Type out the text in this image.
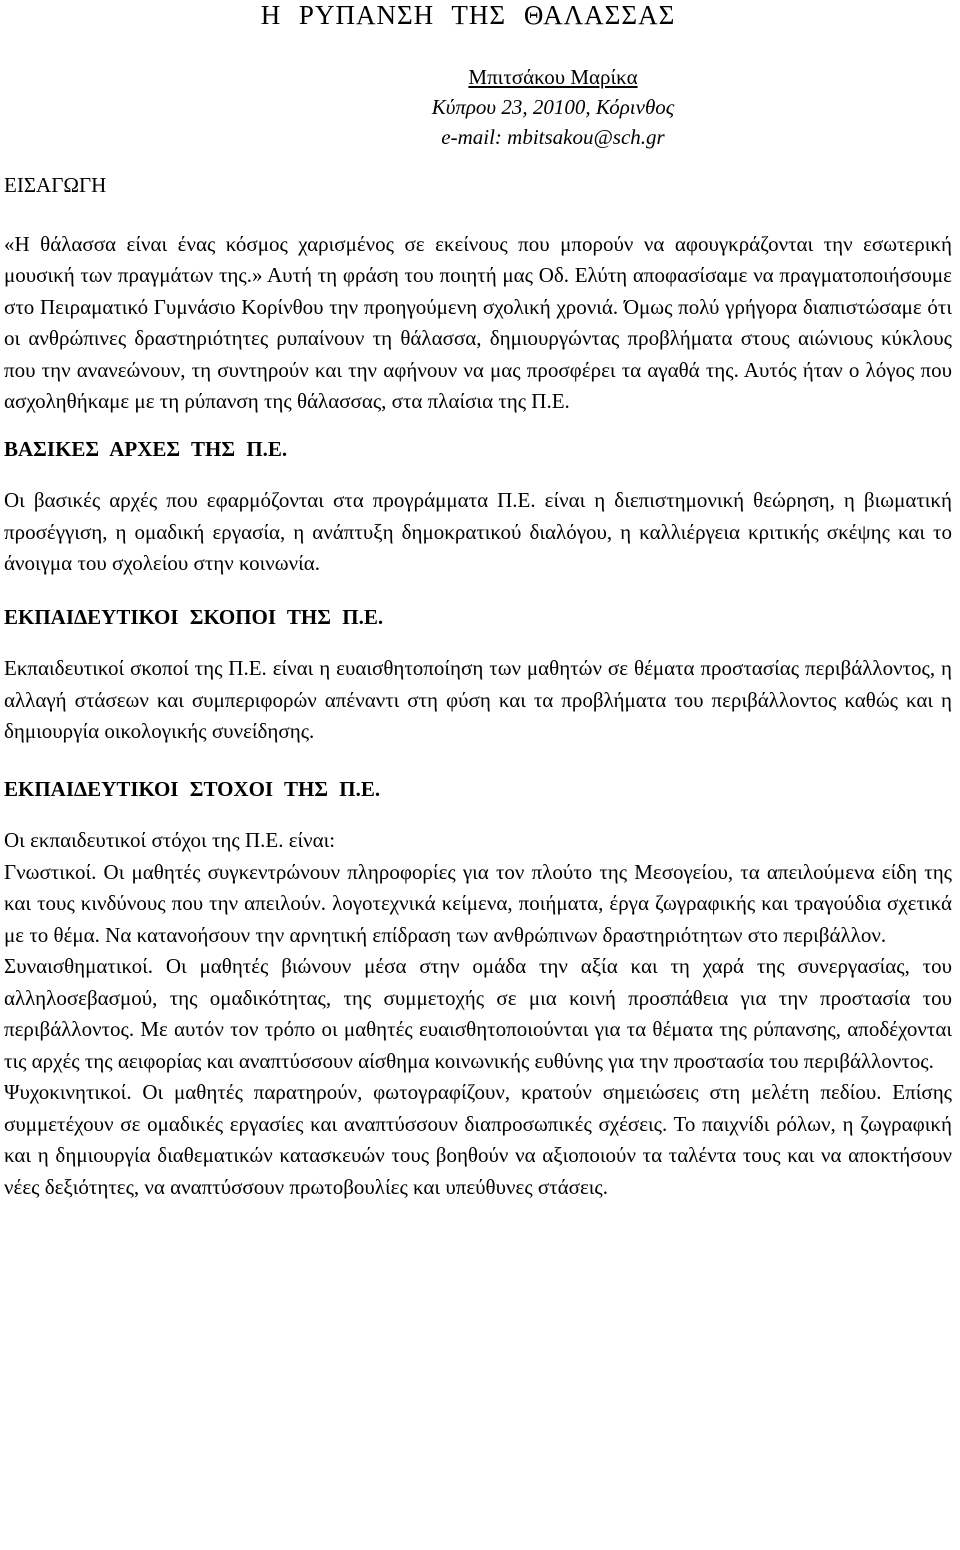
Η ΡΥΠΑΝΣΗ ΤΗΣ ΘΑΛΑΣΣΑΣ
Μπιτσάκου Μαρίκα
Κύπρου 23, 20100, Κόρινθος
e-mail: mbitsakou@sch.gr
ΕΙΣΑΓΩΓΗ

«Η θάλασσα είναι ένας κόσμος χαρισμένος σε εκείνους που μπορούν να αφουγκράζονται την εσωτερική μουσική των πραγμάτων της.» Αυτή τη φράση του ποιητή μας Οδ. Ελύτη αποφασίσαμε να πραγματοποιήσουμε στο Πειραματικό Γυμνάσιο Κορίνθου την προηγούμενη σχολική χρονιά. Όμως πολύ γρήγορα διαπιστώσαμε ότι οι ανθρώπινες δραστηριότητες ρυπαίνουν τη θάλασσα, δημιουργώντας προβλήματα στους αιώνιους κύκλους που την ανανεώνουν, τη συντηρούν και την αφήνουν να μας προσφέρει τα αγαθά της. Αυτός ήταν ο λόγος που ασχοληθήκαμε με τη ρύπανση της θάλασσας, στα πλαίσια της Π.Ε.

ΒΑΣΙΚΕΣ ΑΡΧΕΣ ΤΗΣ Π.Ε.

Οι βασικές αρχές που εφαρμόζονται στα προγράμματα Π.Ε. είναι η διεπιστημονική θεώρηση, η βιωματική προσέγγιση, η ομαδική εργασία, η ανάπτυξη δημοκρατικού διαλόγου, η καλλιέργεια κριτικής σκέψης και το άνοιγμα του σχολείου στην κοινωνία.

ΕΚΠΑΙΔΕΥΤΙΚΟΙ ΣΚΟΠΟΙ ΤΗΣ Π.Ε.

Εκπαιδευτικοί σκοποί της Π.Ε. είναι η ευαισθητοποίηση των μαθητών σε θέματα προστασίας περιβάλλοντος, η αλλαγή στάσεων και συμπεριφορών απέναντι στη φύση και τα προβλήματα του περιβάλλοντος καθώς και η δημιουργία οικολογικής συνείδησης.

ΕΚΠΑΙΔΕΥΤΙΚΟΙ ΣΤΟΧΟΙ ΤΗΣ Π.Ε.

Οι εκπαιδευτικοί στόχοι της Π.Ε. είναι:

Γνωστικοί. Οι μαθητές συγκεντρώνουν πληροφορίες για τον πλούτο της Μεσογείου, τα απειλούμενα είδη της και τους κινδύνους που την απειλούν. λογοτεχνικά κείμενα, ποιήματα, έργα ζωγραφικής και τραγούδια σχετικά με το θέμα. Να κατανοήσουν την αρνητική επίδραση των ανθρώπινων δραστηριότητων στο περιβάλλον.

Συναισθηματικοί. Οι μαθητές βιώνουν μέσα στην ομάδα την αξία και τη χαρά της συνεργασίας, του αλληλοσεβασμού, της ομαδικότητας, της συμμετοχής σε μια κοινή προσπάθεια για την προστασία του περιβάλλοντος. Με αυτόν τον τρόπο οι μαθητές ευαισθητοποιούνται για τα θέματα της ρύπανσης, αποδέχονται τις αρχές της αειφορίας και αναπτύσσουν αίσθημα κοινωνικής ευθύνης για την προστασία του περιβάλλοντος.

Ψυχοκινητικοί. Οι μαθητές παρατηρούν, φωτογραφίζουν, κρατούν σημειώσεις στη μελέτη πεδίου. Επίσης συμμετέχουν σε ομαδικές εργασίες και αναπτύσσουν διαπροσωπικές σχέσεις. Το παιχνίδι ρόλων, η ζωγραφική και η δημιουργία διαθεματικών κατασκευών τους βοηθούν να αξιοποιούν τα ταλέντα τους και να αποκτήσουν νέες δεξιότητες, να αναπτύσσουν πρωτοβουλίες και υπεύθυνες στάσεις.
